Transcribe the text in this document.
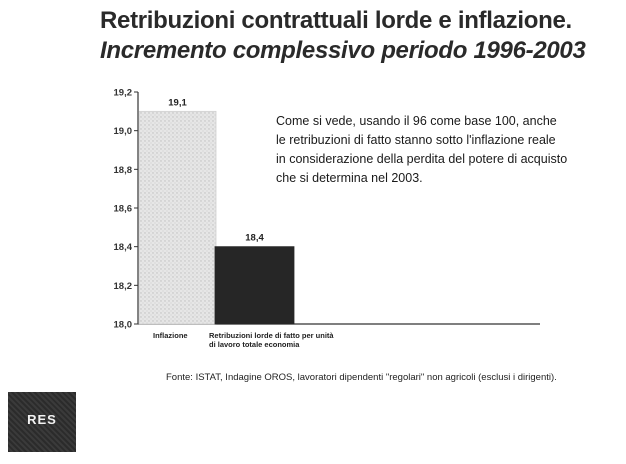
Retribuzioni contrattuali lorde e inflazione.
Incremento complessivo periodo 1996-2003
18,0
18,2
18,4
18,6
18,8
19,0
19,2
19,1
Inflazione
18,4
Retribuzioni lorde di fatto per unità
di lavoro totale economia
Come si vede, usando il 96 come base 100, anche
le retribuzioni di fatto stanno sotto l'inflazione reale
in considerazione della perdita del potere di acquisto
che si determina nel 2003.
Fonte: ISTAT, Indagine OROS, lavoratori dipendenti "regolari" non agricoli (esclusi i dirigenti).
RES
